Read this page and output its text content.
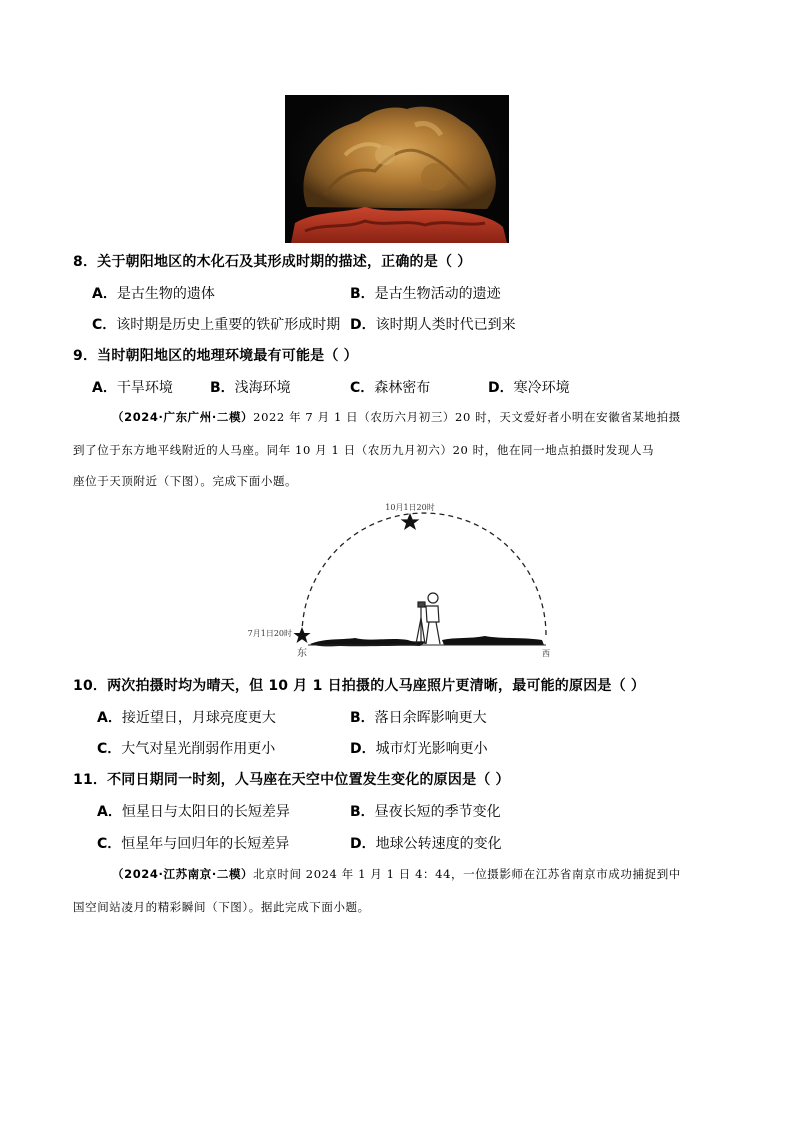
8．关于朝阳地区的木化石及其形成时期的描述，正确的是（ ）
A．是古生物的遗体	B．是古生物活动的遗迹
C．该时期是历史上重要的铁矿形成时期 D．该时期人类时代已到来
9．当时朝阳地区的地理环境最有可能是（ ）
A．干旱环境	B．浅海环境	C．森林密布	D．寒冷环境
（2024·广东广州·二模）2022 年 7 月 1 日（农历六月初三）20 时，天文爱好者小明在安徽省某地拍摄
到了位于东方地平线附近的人马座。同年 10 月 1 日（农历九月初六）20 时，他在同一地点拍摄时发现人马
座位于天顶附近（下图）。完成下面小题。
10月1日20时
7月1日20时
东	西
10．两次拍摄时均为晴天，但 10 月 1 日拍摄的人马座照片更清晰，最可能的原因是（ ）
A．接近望日，月球亮度更大	B．落日余晖影响更大
C．大气对星光削弱作用更小	D．城市灯光影响更小
11．不同日期同一时刻，人马座在天空中位置发生变化的原因是（ ）
A．恒星日与太阳日的长短差异	B．昼夜长短的季节变化
C．恒星年与回归年的长短差异	D．地球公转速度的变化
（2024·江苏南京·二模）北京时间 2024 年 1 月 1 日 4：44，一位摄影师在江苏省南京市成功捕捉到中
国空间站凌月的精彩瞬间（下图）。据此完成下面小题。
